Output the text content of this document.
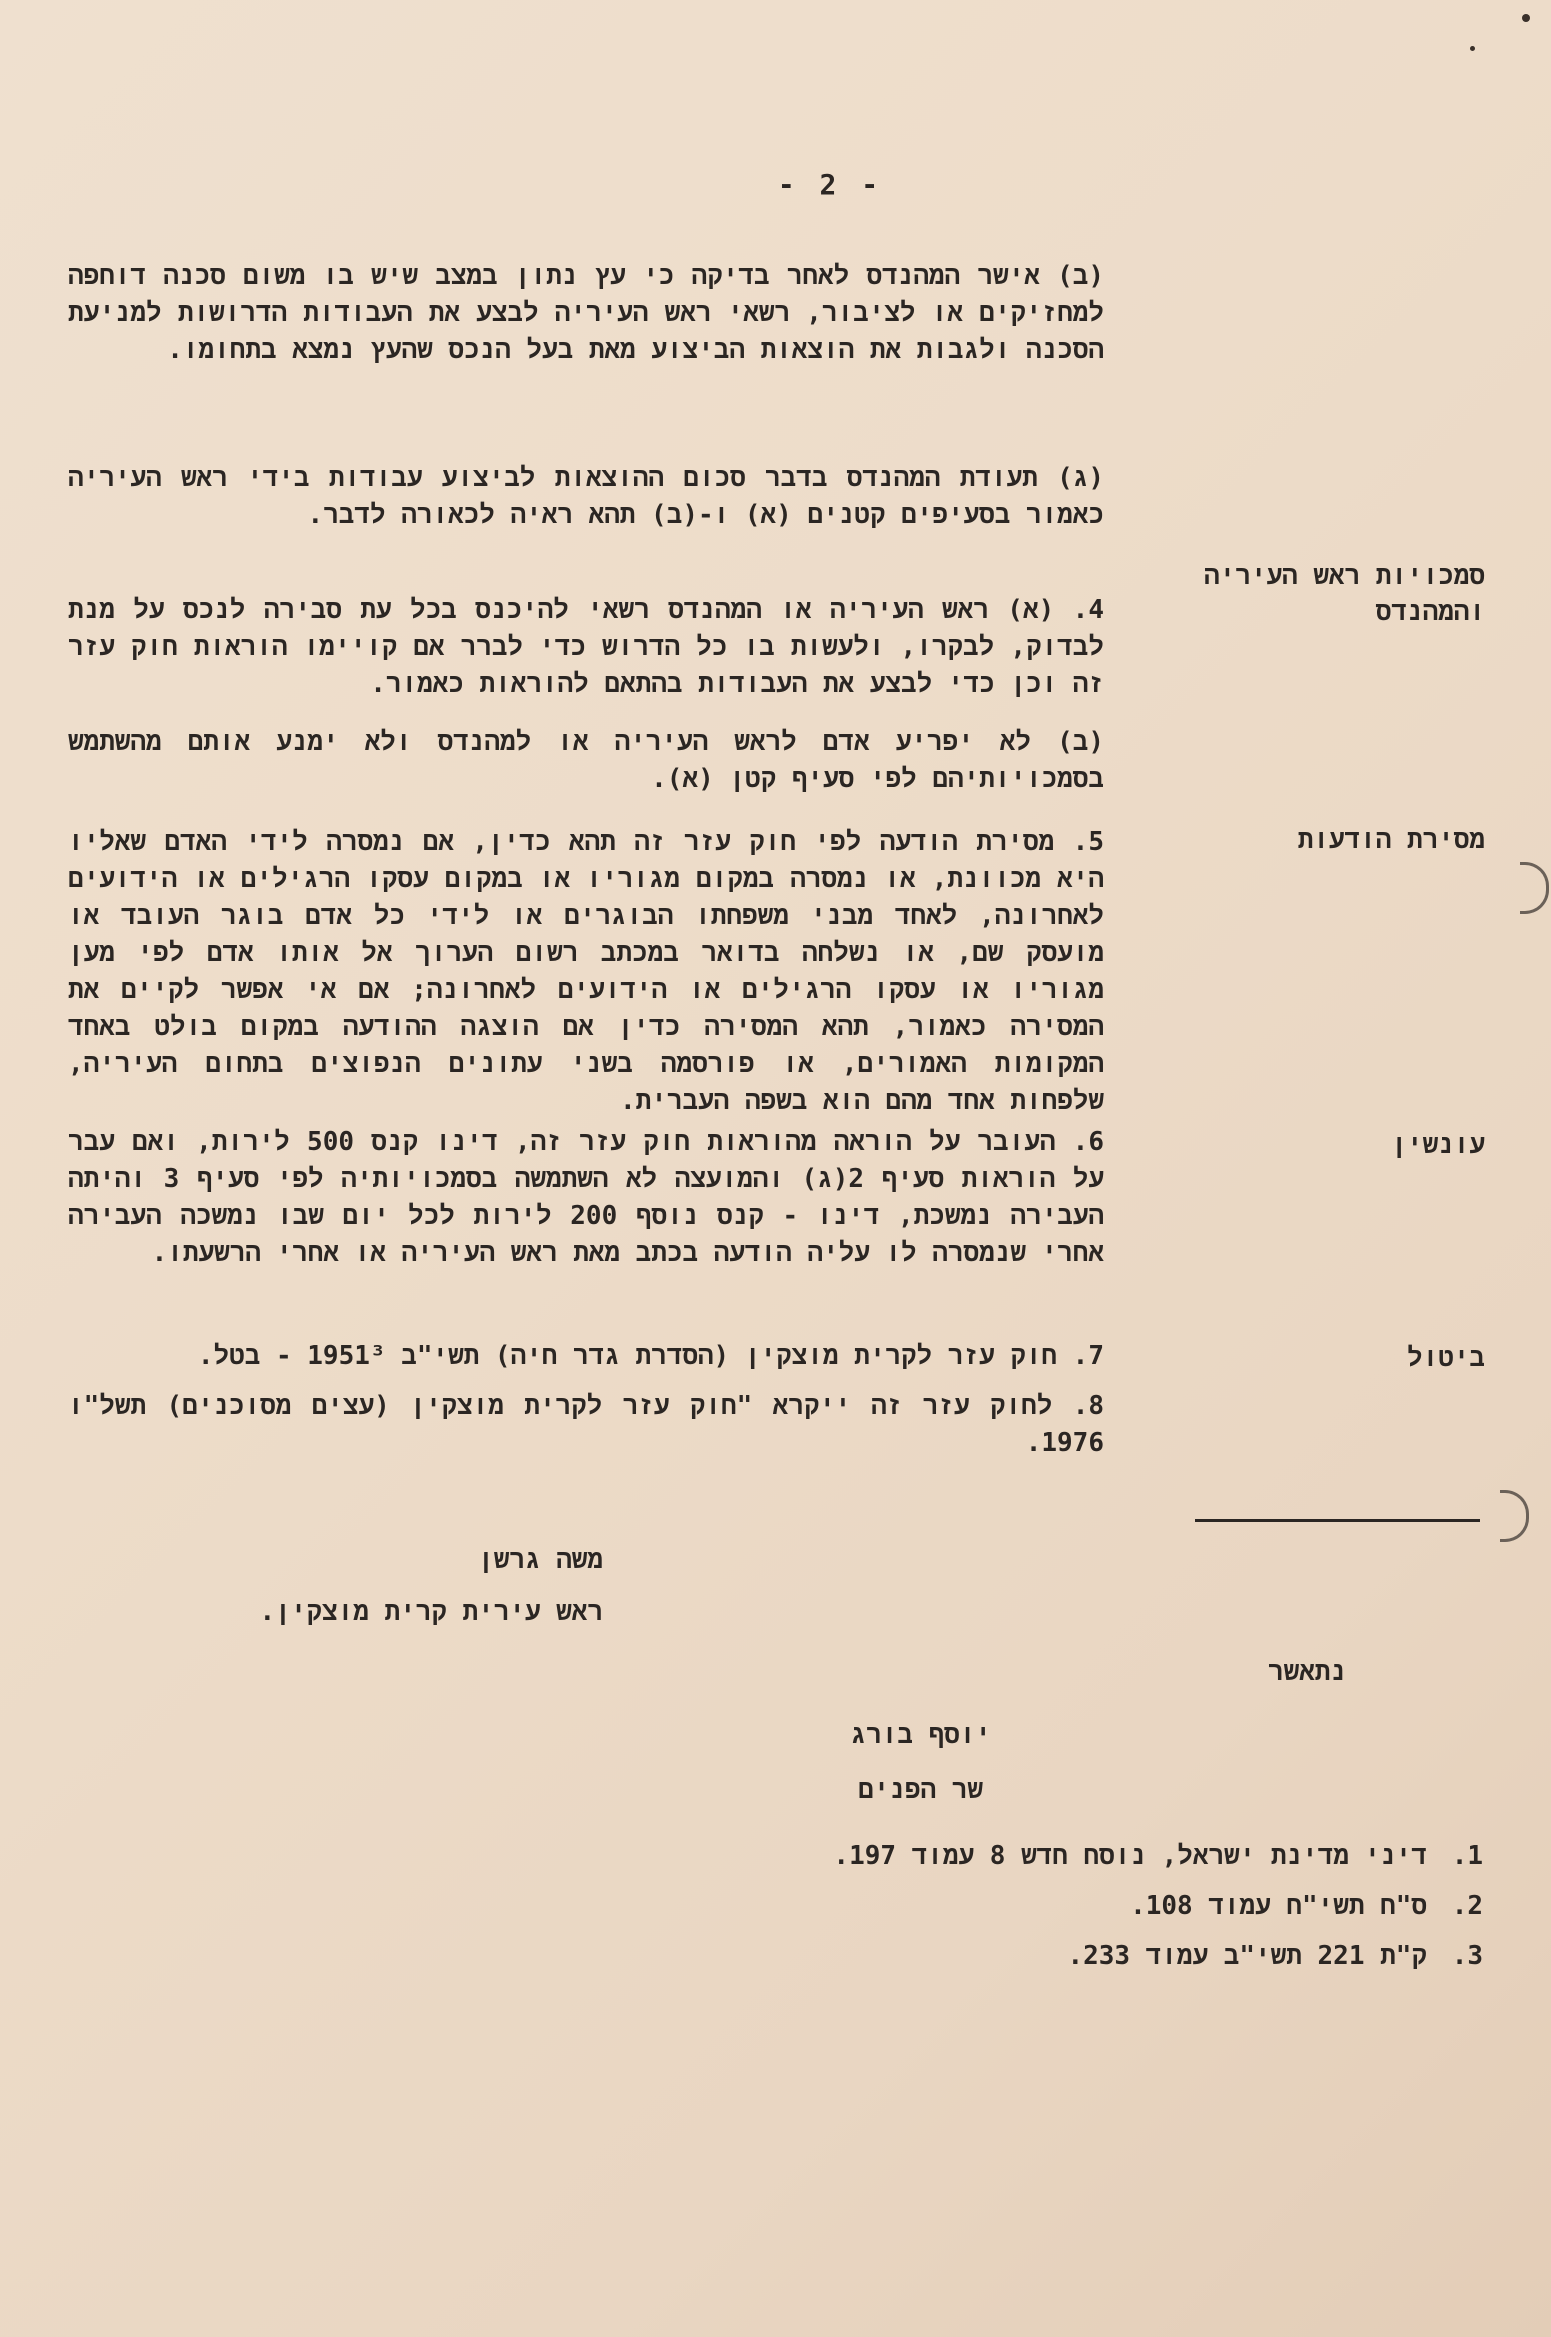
- 2 -
(ב) אישר המהנדס לאחר בדיקה כי עץ נתון במצב שיש בו משום סכנה דוחפה למחזיקים או לציבור, רשאי ראש העיריה לבצע את העבודות הדרושות למניעת הסכנה ולגבות את הוצאות הביצוע מאת בעל הנכס שהעץ נמצא בתחומו.
(ג) תעודת המהנדס בדבר סכום ההוצאות לביצוע עבודות בידי ראש העיריה כאמור בסעיפים קטנים (א) ו-(ב) תהא ראיה לכאורה לדבר.
סמכויות ראש העיריה והמהנדס
4. (א) ראש העיריה או המהנדס רשאי להיכנס בכל עת סבירה לנכס על מנת לבדוק, לבקרו, ולעשות בו כל הדרוש כדי לברר אם קויימו הוראות חוק עזר זה וכן כדי לבצע את העבודות בהתאם להוראות כאמור.
(ב) לא יפריע אדם לראש העיריה או למהנדס ולא ימנע אותם מהשתמש בסמכויותיהם לפי סעיף קטן (א).
מסירת הודעות
5. מסירת הודעה לפי חוק עזר זה תהא כדין, אם נמסרה לידי האדם שאליו היא מכוונת, או נמסרה במקום מגוריו או במקום עסקו הרגילים או הידועים לאחרונה, לאחד מבני משפחתו הבוגרים או לידי כל אדם בוגר העובד או מועסק שם, או נשלחה בדואר במכתב רשום הערוך אל אותו אדם לפי מען מגוריו או עסקו הרגילים או הידועים לאחרונה; אם אי אפשר לקיים את המסירה כאמור, תהא המסירה כדין אם הוצגה ההודעה במקום בולט באחד המקומות האמורים, או פורסמה בשני עתונים הנפוצים בתחום העיריה, שלפחות אחד מהם הוא בשפה העברית.
עונשין
6. העובר על הוראה מהוראות חוק עזר זה, דינו קנס 500 לירות, ואם עבר על הוראות סעיף 2(ג) והמועצה לא השתמשה בסמכויותיה לפי סעיף 3 והיתה העבירה נמשכת, דינו - קנס נוסף 200 לירות לכל יום שבו נמשכה העבירה אחרי שנמסרה לו עליה הודעה בכתב מאת ראש העיריה או אחרי הרשעתו.
ביטול
7. חוק עזר לקרית מוצקין (הסדרת גדר חיה) תשי"ב 1951³ - בטל.
8. לחוק עזר זה ייקרא "חוק עזר לקרית מוצקין (עצים מסוכנים) תשל"ו 1976.
משה גרשן
ראש עירית קרית מוצקין.
נתאשר
יוסף בורג
שר הפנים
1.דיני מדינת ישראל, נוסח חדש 8 עמוד 197.
2.ס"ח תשי"ח עמוד 108.
3.ק"ת 221 תשי"ב עמוד 233.
